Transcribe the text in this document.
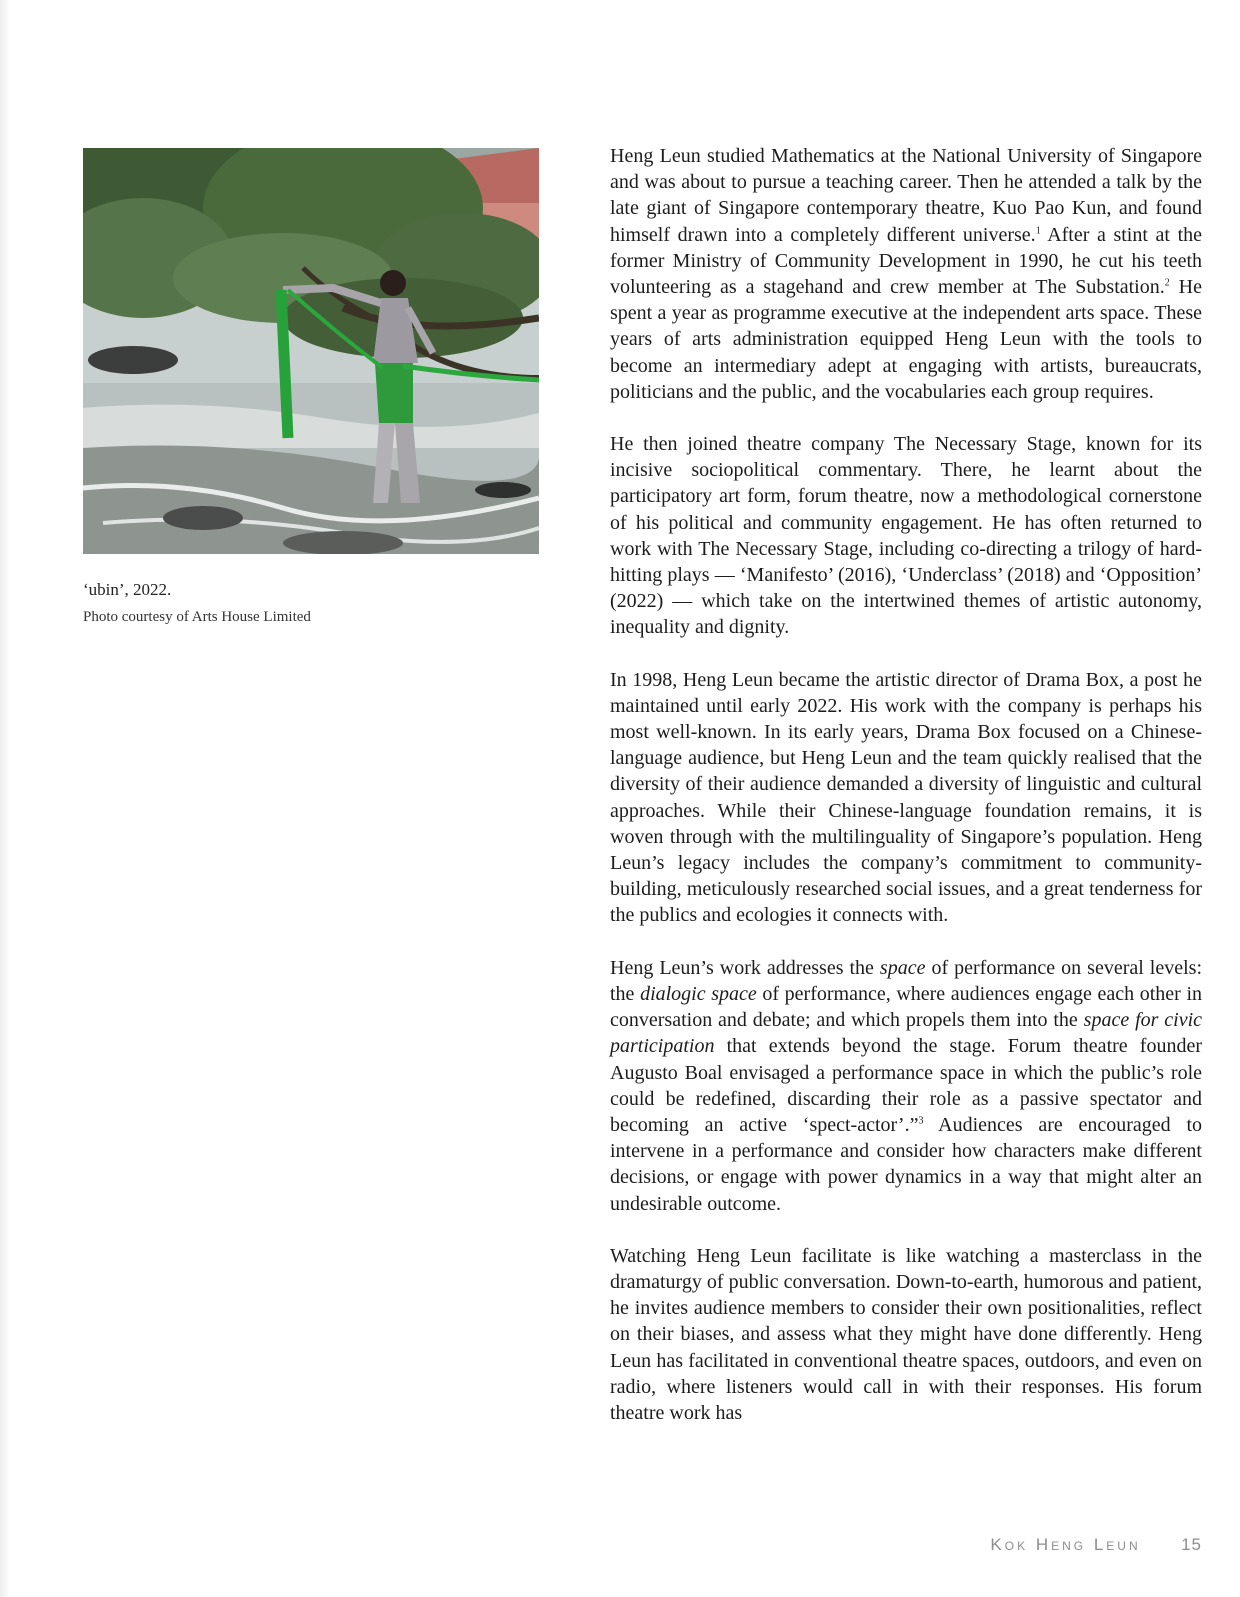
‘ubin’, 2022.
Photo courtesy of Arts House Limited

Heng Leun studied Mathematics at the National University of Singapore and was about to pursue a teaching career. Then he attended a talk by the late giant of Singapore contemporary theatre, Kuo Pao Kun, and found himself drawn into a completely different universe.$^1$ After a stint at the former Ministry of Community Development in 1990, he cut his teeth volunteering as a stagehand and crew member at The Substation.$^2$ He spent a year as programme executive at the independent arts space. These years of arts administration equipped Heng Leun with the tools to become an intermediary adept at engaging with artists, bureaucrats, politicians and the public, and the vocabularies each group requires.

He then joined theatre company The Necessary Stage, known for its incisive sociopolitical commentary. There, he learnt about the participatory art form, forum theatre, now a methodological cornerstone of his political and community engagement. He has often returned to work with The Necessary Stage, including co-directing a trilogy of hard-hitting plays — ‘Manifesto’ (2016), ‘Underclass’ (2018) and ‘Opposition’ (2022) — which take on the intertwined themes of artistic autonomy, inequality and dignity.

In 1998, Heng Leun became the artistic director of Drama Box, a post he maintained until early 2022. His work with the company is perhaps his most well-known. In its early years, Drama Box focused on a Chinese-language audience, but Heng Leun and the team quickly realised that the diversity of their audience demanded a diversity of linguistic and cultural approaches. While their Chinese-language foundation remains, it is woven through with the multilinguality of Singapore’s population. Heng Leun’s legacy includes the company’s commitment to community-building, meticulously researched social issues, and a great tenderness for the publics and ecologies it connects with.

Heng Leun’s work addresses the space of performance on several levels: the dialogic space of performance, where audiences engage each other in conversation and debate; and which propels them into the space for civic participation that extends beyond the stage. Forum theatre founder Augusto Boal envisaged a performance space in which the public’s role could be redefined, discarding their role as a passive spectator and becoming an active ‘spect-actor’.”$^3$ Audiences are encouraged to intervene in a performance and consider how characters make different decisions, or engage with power dynamics in a way that might alter an undesirable outcome.

Watching Heng Leun facilitate is like watching a masterclass in the dramaturgy of public conversation. Down-to-earth, humorous and patient, he invites audience members to consider their own positionalities, reflect on their biases, and assess what they might have done differently. Heng Leun has facilitated in conventional theatre spaces, outdoors, and even on radio, where listeners would call in with their responses. His forum theatre work has

Kok Heng Leun 15
